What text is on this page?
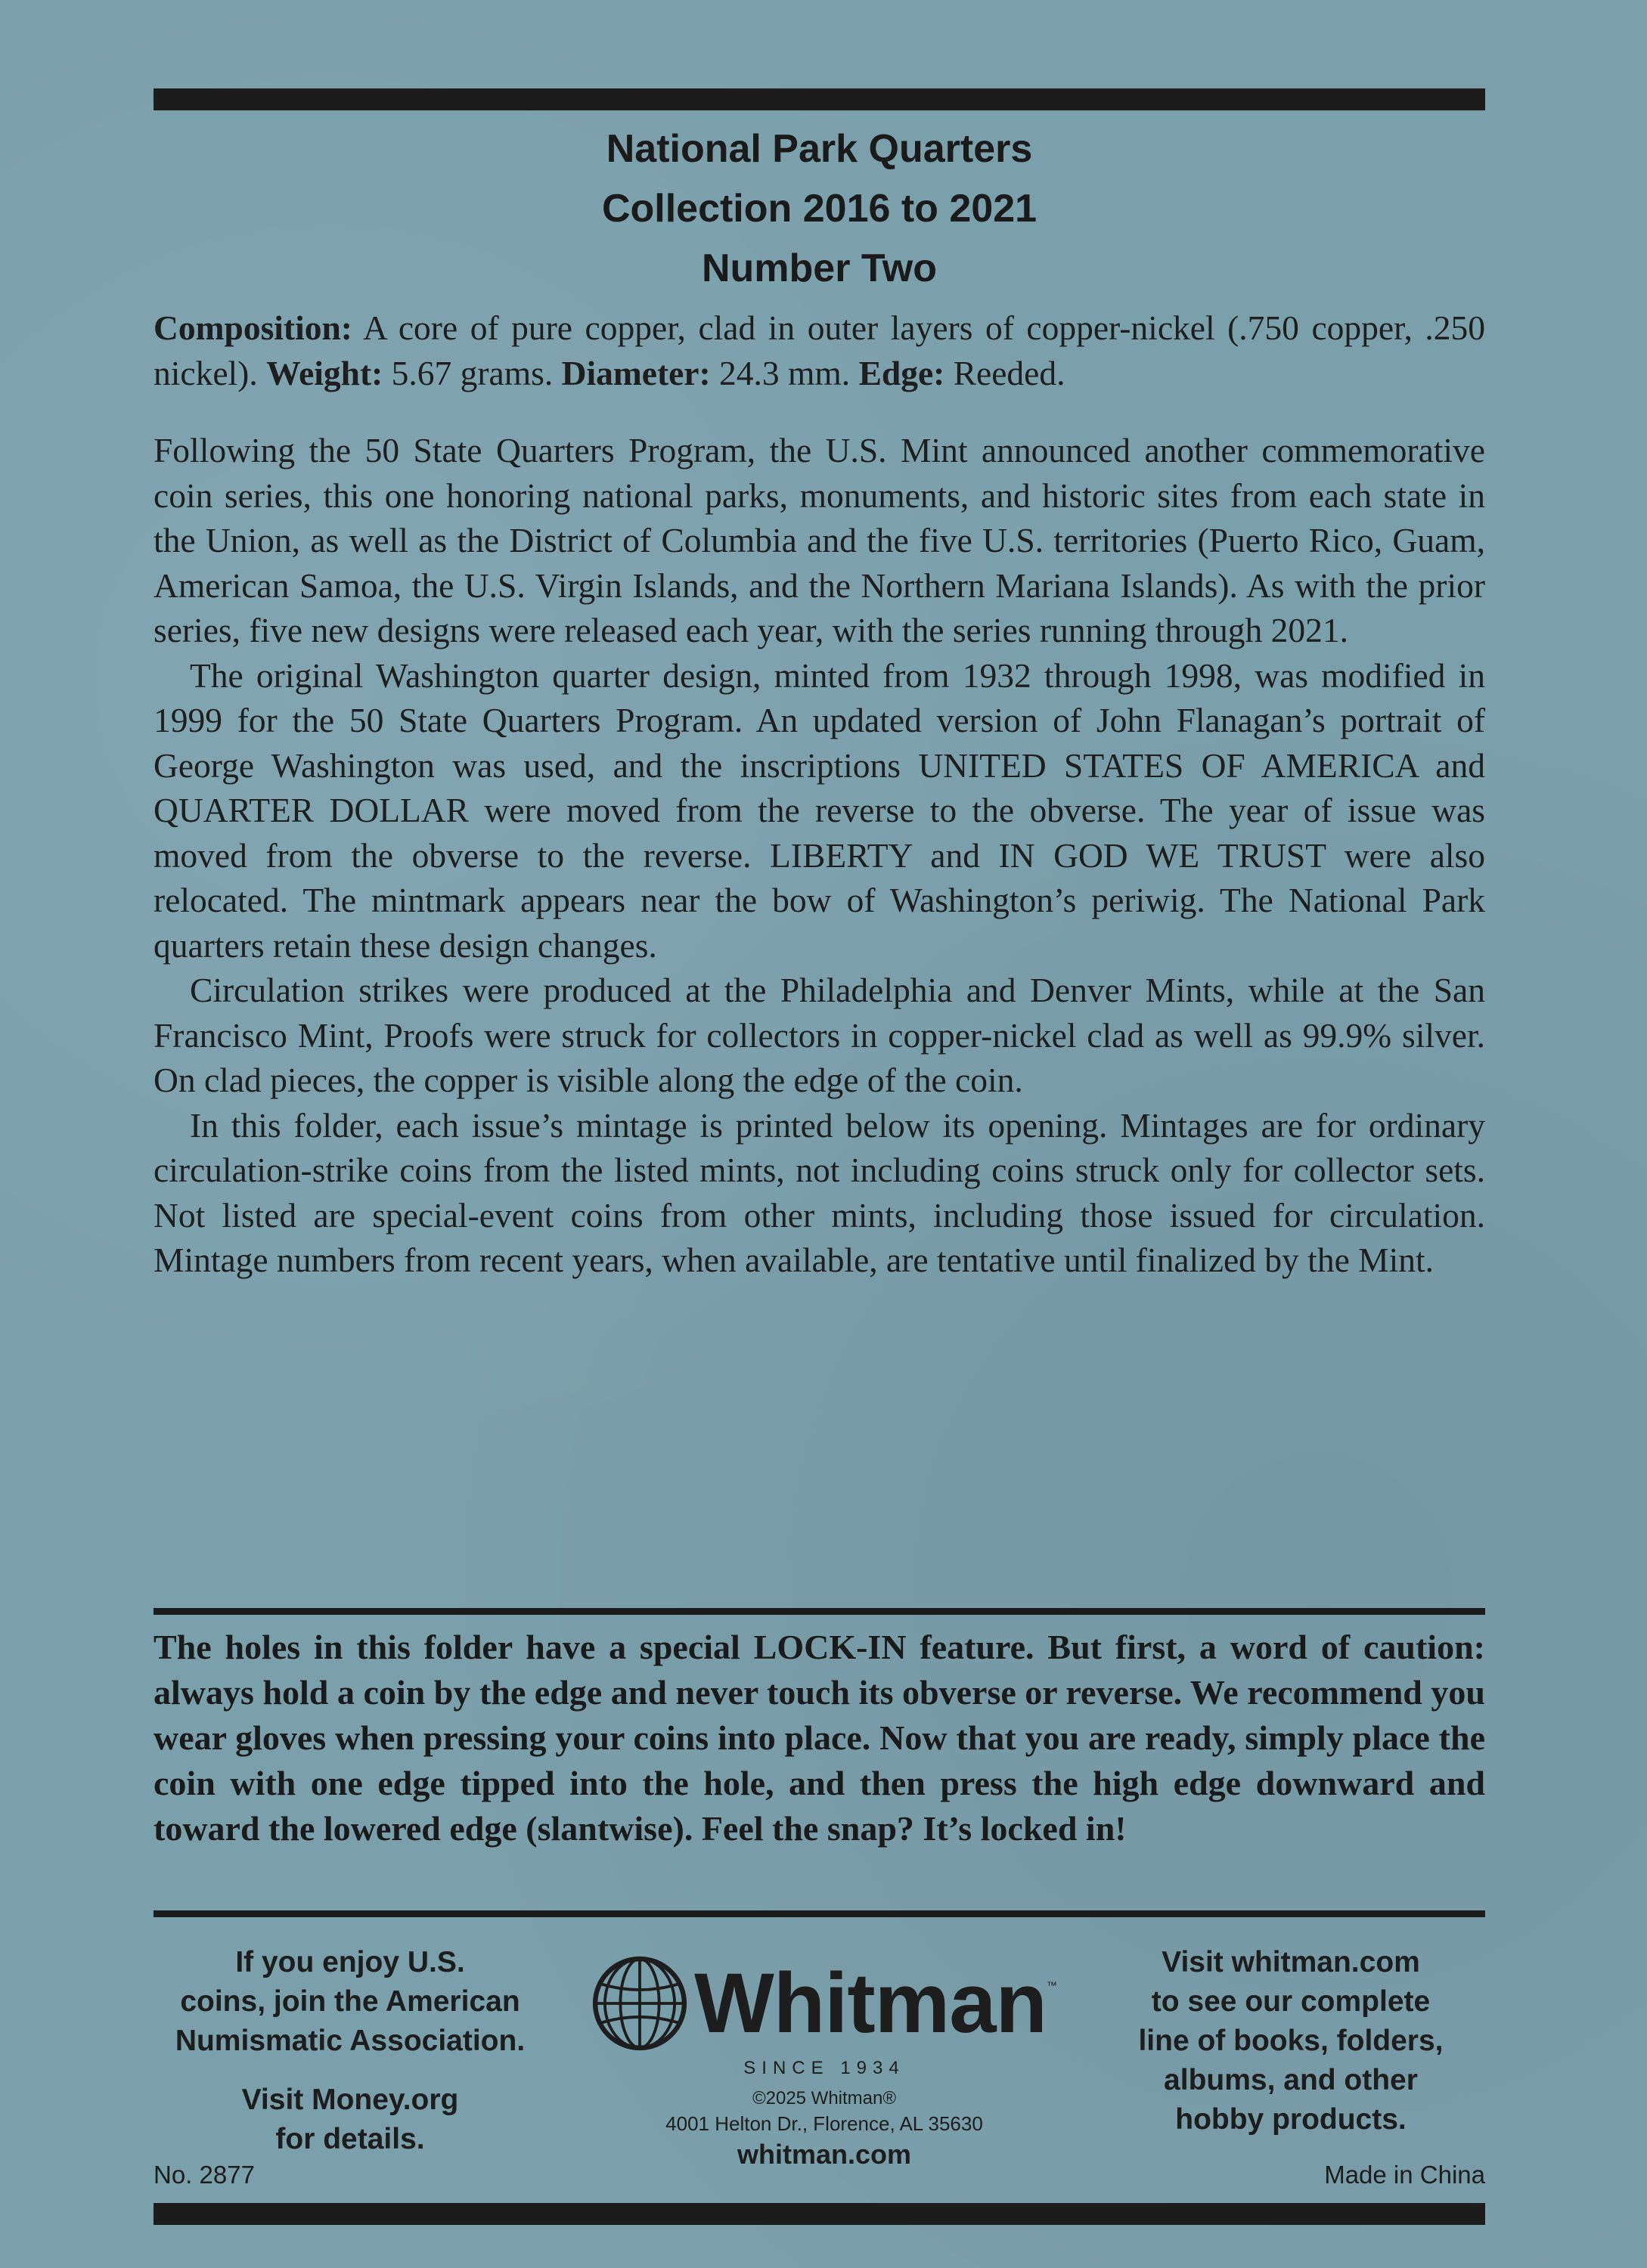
National Park Quarters
Collection 2016 to 2021
Number Two
Composition: A core of pure copper, clad in outer layers of copper-nickel (.750 copper, .250 nickel). Weight: 5.67 grams. Diameter: 24.3 mm. Edge: Reeded.

Following the 50 State Quarters Program, the U.S. Mint announced another commemorative coin series, this one honoring national parks, monuments, and historic sites from each state in the Union, as well as the District of Columbia and the five U.S. territories (Puerto Rico, Guam, American Samoa, the U.S. Virgin Islands, and the Northern Mariana Islands). As with the prior series, five new designs were released each year, with the series running through 2021.

The original Washington quarter design, minted from 1932 through 1998, was modified in 1999 for the 50 State Quarters Program. An updated version of John Flanagan’s portrait of George Washington was used, and the inscriptions UNITED STATES OF AMERICA and QUARTER DOLLAR were moved from the reverse to the obverse. The year of issue was moved from the obverse to the reverse. LIBERTY and IN GOD WE TRUST were also relocated. The mintmark appears near the bow of Washington’s periwig. The National Park quarters retain these design changes.

Circulation strikes were produced at the Philadelphia and Denver Mints, while at the San Francisco Mint, Proofs were struck for collectors in copper-nickel clad as well as 99.9% silver. On clad pieces, the copper is visible along the edge of the coin.

In this folder, each issue’s mintage is printed below its opening. Mintages are for ordinary circulation-strike coins from the listed mints, not including coins struck only for collector sets. Not listed are special-event coins from other mints, including those issued for circulation. Mintage numbers from recent years, when available, are tentative until finalized by the Mint.

The holes in this folder have a special LOCK-IN feature. But first, a word of caution: always hold a coin by the edge and never touch its obverse or reverse. We recommend you wear gloves when pressing your coins into place. Now that you are ready, simply place the coin with one edge tipped into the hole, and then press the high edge downward and toward the lowered edge (slantwise). Feel the snap? It’s locked in!
If you enjoy U.S.
coins, join the American
Numismatic Association.
Visit Money.org
for details.
Whitman ™
SINCE 1934
©2025 Whitman®
4001 Helton Dr., Florence, AL 35630
whitman.com
Visit whitman.com
to see our complete
line of books, folders,
albums, and other
hobby products.
No. 2877	Made in China
